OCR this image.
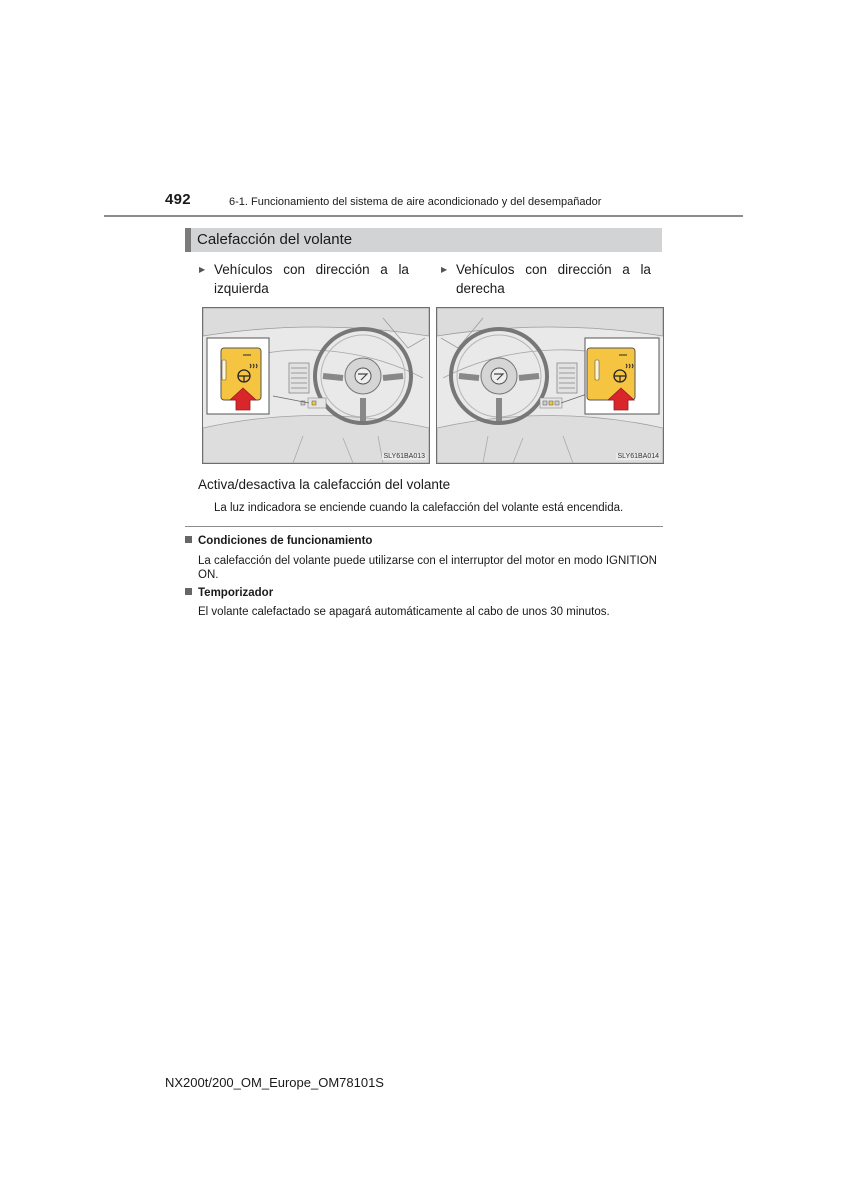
492	6-1. Funcionamiento del sistema de aire acondicionado y del desempañador
Calefacción del volante
▶ Vehículos con dirección a la
izquierda
▶ Vehículos con dirección a la
derecha
SLY61BA013	SLY61BA014
Activa/desactiva la calefacción del volante
La luz indicadora se enciende cuando la calefacción del volante está encendida.
Condiciones de funcionamiento
La calefacción del volante puede utilizarse con el interruptor del motor en modo IGNITION ON.
Temporizador
El volante calefactado se apagará automáticamente al cabo de unos 30 minutos.
NX200t/200_OM_Europe_OM78101S
